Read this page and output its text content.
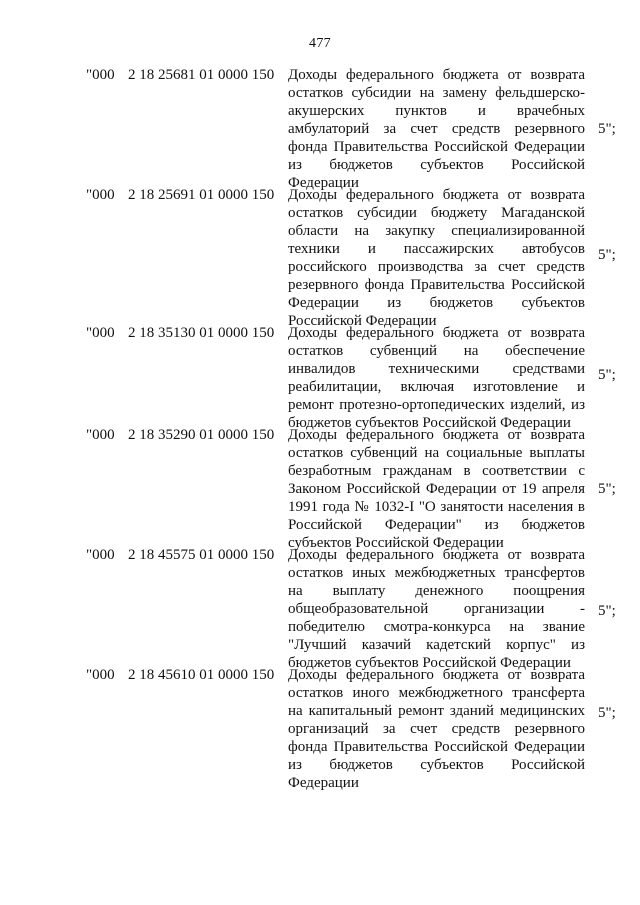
477
"000 2 18 25681 01 0000 150 Доходы федерального бюджета от возврата остатков субсидии на замену фельдшерско-акушерских пунктов и врачебных амбулаторий за счет средств резервного фонда Правительства Российской Федерации из бюджетов субъектов Российской Федерации
5";
"000 2 18 25691 01 0000 150 Доходы федерального бюджета от возврата остатков субсидии бюджету Магаданской области на закупку специализированной техники и пассажирских автобусов российского производства за счет средств резервного фонда Правительства Российской Федерации из бюджетов субъектов Российской Федерации
5";
"000 2 18 35130 01 0000 150 Доходы федерального бюджета от возврата остатков субвенций на обеспечение инвалидов техническими средствами реабилитации, включая изготовление и ремонт протезно-ортопедических изделий, из бюджетов субъектов Российской Федерации
5";
"000 2 18 35290 01 0000 150 Доходы федерального бюджета от возврата остатков субвенций на социальные выплаты безработным гражданам в соответствии с Законом Российской Федерации от 19 апреля 1991 года № 1032-I "О занятости населения в Российской Федерации" из бюджетов субъектов Российской Федерации
5";
"000 2 18 45575 01 0000 150 Доходы федерального бюджета от возврата остатков иных межбюджетных трансфертов на выплату денежного поощрения общеобразовательной организации - победителю смотра-конкурса на звание "Лучший казачий кадетский корпус" из бюджетов субъектов Российской Федерации
5";
"000 2 18 45610 01 0000 150 Доходы федерального бюджета от возврата остатков иного межбюджетного трансферта на капитальный ремонт зданий медицинских организаций за счет средств резервного фонда Правительства Российской Федерации из бюджетов субъектов Российской Федерации
5";
